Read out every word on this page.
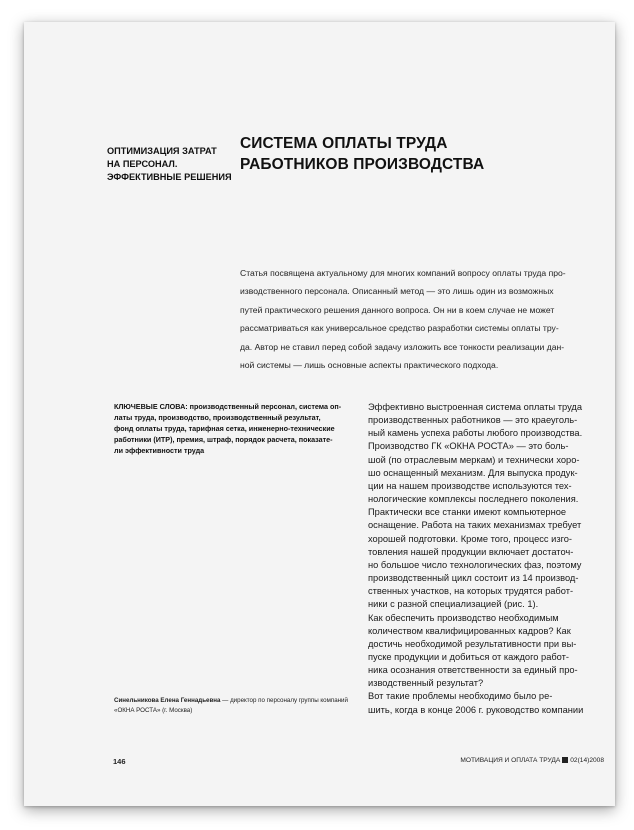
ОПТИМИЗАЦИЯ ЗАТРАТ
НА ПЕРСОНАЛ.
ЭФФЕКТИВНЫЕ РЕШЕНИЯ
СИСТЕМА ОПЛАТЫ ТРУДА
РАБОТНИКОВ ПРОИЗВОДСТВА
Статья посвящена актуальному для многих компаний вопросу оплаты труда про-
изводственного персонала. Описанный метод — это лишь один из возможных
путей практического решения данного вопроса. Он ни в коем случае не может
рассматриваться как универсальное средство разработки системы оплаты тру-
да. Автор не ставил перед собой задачу изложить все тонкости реализации дан-
ной системы — лишь основные аспекты практического подхода.
КЛЮЧЕВЫЕ СЛОВА: производственный персонал, система оп-
латы труда, производство, производственный результат,
фонд оплаты труда, тарифная сетка, инженерно-технические
работники (ИТР), премия, штраф, порядок расчета, показате-
ли эффективности труда
Эффективно выстроенная система оплаты труда
производственных работников — это краеуголь-
ный камень успеха работы любого производства.
Производство ГК «ОКНА РОСТА» — это боль-
шой (по отраслевым меркам) и технически хоро-
шо оснащенный механизм. Для выпуска продук-
ции на нашем производстве используются тех-
нологические комплексы последнего поколения.
Практически все станки имеют компьютерное
оснащение. Работа на таких механизмах требует
хорошей подготовки. Кроме того, процесс изго-
товления нашей продукции включает достаточ-
но большое число технологических фаз, поэтому
производственный цикл состоит из 14 производ-
ственных участков, на которых трудятся работ-
ники с разной специализацией (рис. 1).
Как обеспечить производство необходимым
количеством квалифицированных кадров? Как
достичь необходимой результативности при вы-
пуске продукции и добиться от каждого работ-
ника осознания ответственности за единый про-
изводственный результат?
Вот такие проблемы необходимо было ре-
шить, когда в конце 2006 г. руководство компании
Синельникова Елена Геннадьевна — директор по персоналу группы компаний
«ОКНА РОСТА» (г. Москва)
146	МОТИВАЦИЯ И ОПЛАТА ТРУДА 02(14)2008
